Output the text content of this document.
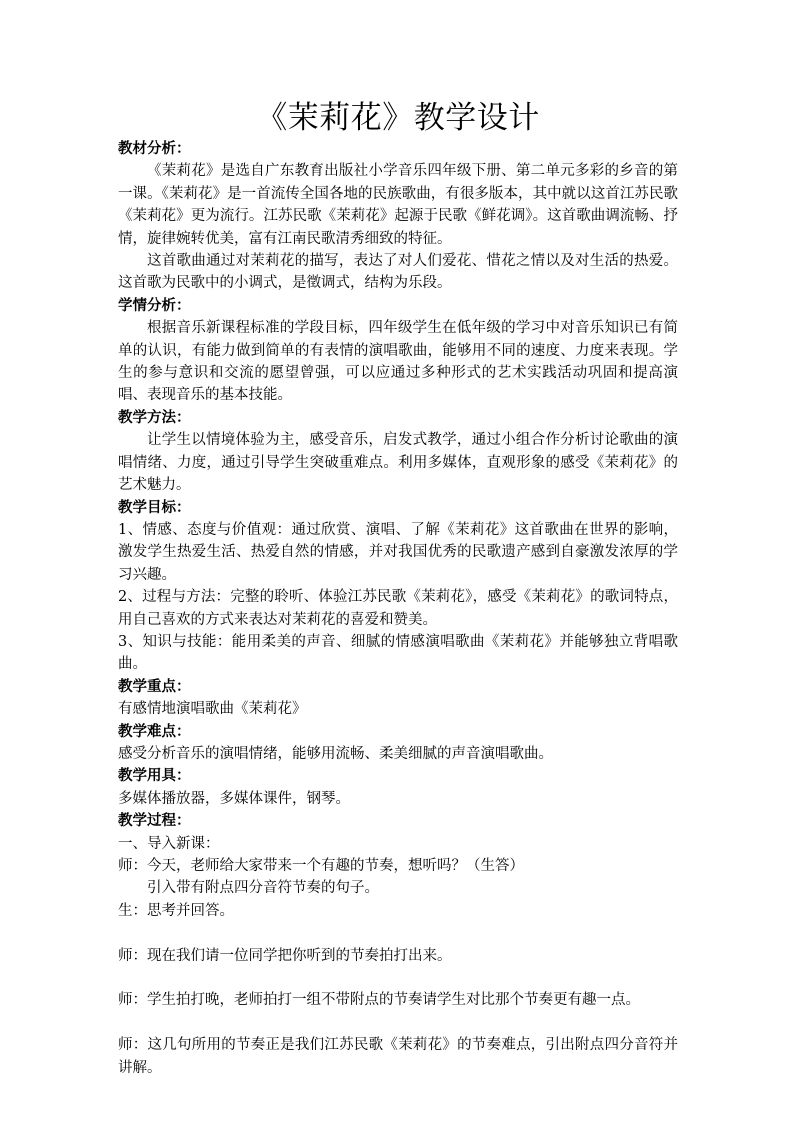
《茉莉花》教学设计
教材分析：
《茉莉花》是选自广东教育出版社小学音乐四年级下册、第二单元多彩的乡音的第一课。《茉莉花》是一首流传全国各地的民族歌曲，有很多版本，其中就以这首江苏民歌《茉莉花》更为流行。江苏民歌《茉莉花》起源于民歌《鲜花调》。这首歌曲调流畅、抒情，旋律婉转优美，富有江南民歌清秀细致的特征。
这首歌曲通过对茉莉花的描写，表达了对人们爱花、惜花之情以及对生活的热爱。这首歌为民歌中的小调式，是徵调式，结构为乐段。
学情分析：
根据音乐新课程标准的学段目标，四年级学生在低年级的学习中对音乐知识已有简单的认识，有能力做到简单的有表情的演唱歌曲，能够用不同的速度、力度来表现。学生的参与意识和交流的愿望曾强，可以应通过多种形式的艺术实践活动巩固和提高演唱、表现音乐的基本技能。
教学方法：
让学生以情境体验为主，感受音乐，启发式教学，通过小组合作分析讨论歌曲的演唱情绪、力度，通过引导学生突破重难点。利用多媒体，直观形象的感受《茉莉花》的艺术魅力。
教学目标：
1、情感、态度与价值观：通过欣赏、演唱、了解《茉莉花》这首歌曲在世界的影响，激发学生热爱生活、热爱自然的情感，并对我国优秀的民歌遗产感到自豪激发浓厚的学习兴趣。
2、过程与方法：完整的聆听、体验江苏民歌《茉莉花》，感受《茉莉花》的歌词特点，用自己喜欢的方式来表达对茉莉花的喜爱和赞美。
3、知识与技能：能用柔美的声音、细腻的情感演唱歌曲《茉莉花》并能够独立背唱歌曲。
教学重点：
有感情地演唱歌曲《茉莉花》
教学难点：
感受分析音乐的演唱情绪，能够用流畅、柔美细腻的声音演唱歌曲。
教学用具：
多媒体播放器，多媒体课件，钢琴。
教学过程：
一、导入新课：
师：今天，老师给大家带来一个有趣的节奏，想听吗？（生答）
引入带有附点四分音符节奏的句子。
生：思考并回答。
师：现在我们请一位同学把你听到的节奏拍打出来。
师：学生拍打晚，老师拍打一组不带附点的节奏请学生对比那个节奏更有趣一点。
师：这几句所用的节奏正是我们江苏民歌《茉莉花》的节奏难点，引出附点四分音符并讲解。
